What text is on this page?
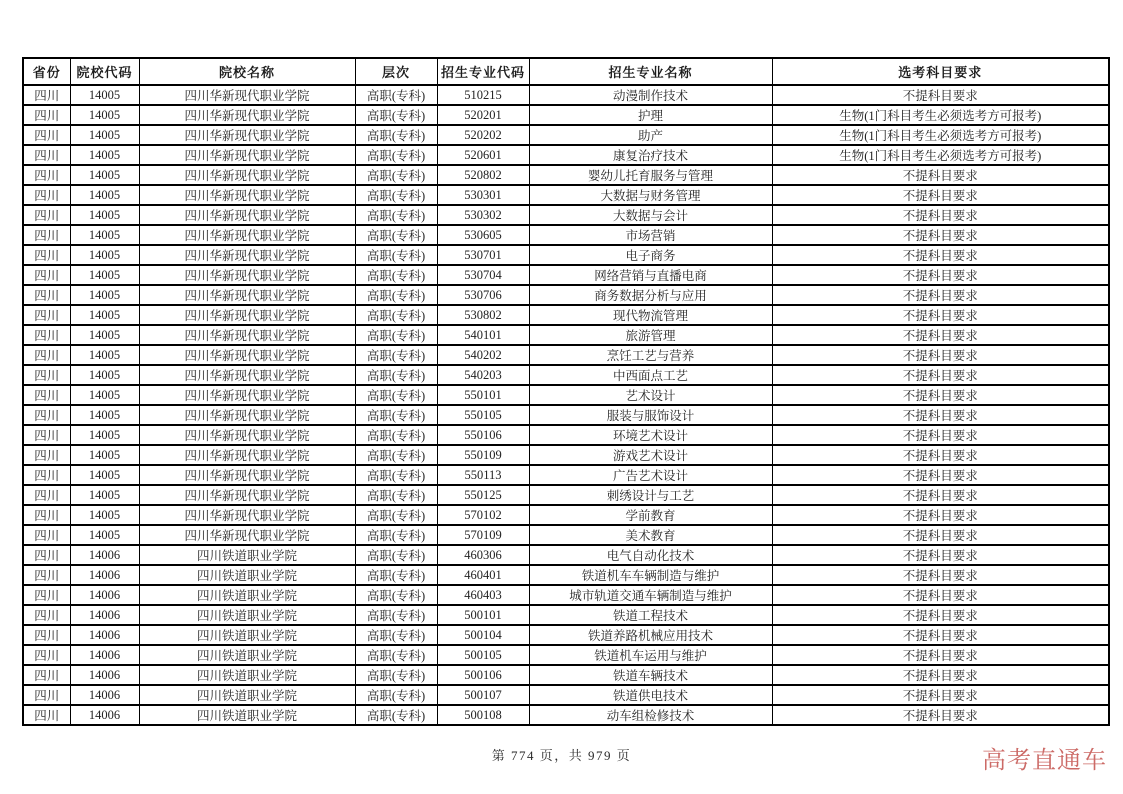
省份	院校代码	院校名称	层次	招生专业代码	招生专业名称	选考科目要求
四川	14005	四川华新现代职业学院	高职(专科)	510215	动漫制作技术	不提科目要求
四川	14005	四川华新现代职业学院	高职(专科)	520201	护理	生物(1门科目考生必须选考方可报考)
四川	14005	四川华新现代职业学院	高职(专科)	520202	助产	生物(1门科目考生必须选考方可报考)
四川	14005	四川华新现代职业学院	高职(专科)	520601	康复治疗技术	生物(1门科目考生必须选考方可报考)
四川	14005	四川华新现代职业学院	高职(专科)	520802	婴幼儿托育服务与管理	不提科目要求
四川	14005	四川华新现代职业学院	高职(专科)	530301	大数据与财务管理	不提科目要求
四川	14005	四川华新现代职业学院	高职(专科)	530302	大数据与会计	不提科目要求
四川	14005	四川华新现代职业学院	高职(专科)	530605	市场营销	不提科目要求
四川	14005	四川华新现代职业学院	高职(专科)	530701	电子商务	不提科目要求
四川	14005	四川华新现代职业学院	高职(专科)	530704	网络营销与直播电商	不提科目要求
四川	14005	四川华新现代职业学院	高职(专科)	530706	商务数据分析与应用	不提科目要求
四川	14005	四川华新现代职业学院	高职(专科)	530802	现代物流管理	不提科目要求
四川	14005	四川华新现代职业学院	高职(专科)	540101	旅游管理	不提科目要求
四川	14005	四川华新现代职业学院	高职(专科)	540202	烹饪工艺与营养	不提科目要求
四川	14005	四川华新现代职业学院	高职(专科)	540203	中西面点工艺	不提科目要求
四川	14005	四川华新现代职业学院	高职(专科)	550101	艺术设计	不提科目要求
四川	14005	四川华新现代职业学院	高职(专科)	550105	服装与服饰设计	不提科目要求
四川	14005	四川华新现代职业学院	高职(专科)	550106	环境艺术设计	不提科目要求
四川	14005	四川华新现代职业学院	高职(专科)	550109	游戏艺术设计	不提科目要求
四川	14005	四川华新现代职业学院	高职(专科)	550113	广告艺术设计	不提科目要求
四川	14005	四川华新现代职业学院	高职(专科)	550125	刺绣设计与工艺	不提科目要求
四川	14005	四川华新现代职业学院	高职(专科)	570102	学前教育	不提科目要求
四川	14005	四川华新现代职业学院	高职(专科)	570109	美术教育	不提科目要求
四川	14006	四川铁道职业学院	高职(专科)	460306	电气自动化技术	不提科目要求
四川	14006	四川铁道职业学院	高职(专科)	460401	铁道机车车辆制造与维护	不提科目要求
四川	14006	四川铁道职业学院	高职(专科)	460403	城市轨道交通车辆制造与维护	不提科目要求
四川	14006	四川铁道职业学院	高职(专科)	500101	铁道工程技术	不提科目要求
四川	14006	四川铁道职业学院	高职(专科)	500104	铁道养路机械应用技术	不提科目要求
四川	14006	四川铁道职业学院	高职(专科)	500105	铁道机车运用与维护	不提科目要求
四川	14006	四川铁道职业学院	高职(专科)	500106	铁道车辆技术	不提科目要求
四川	14006	四川铁道职业学院	高职(专科)	500107	铁道供电技术	不提科目要求
四川	14006	四川铁道职业学院	高职(专科)	500108	动车组检修技术	不提科目要求
第 774 页，共 979 页	高考直通车
